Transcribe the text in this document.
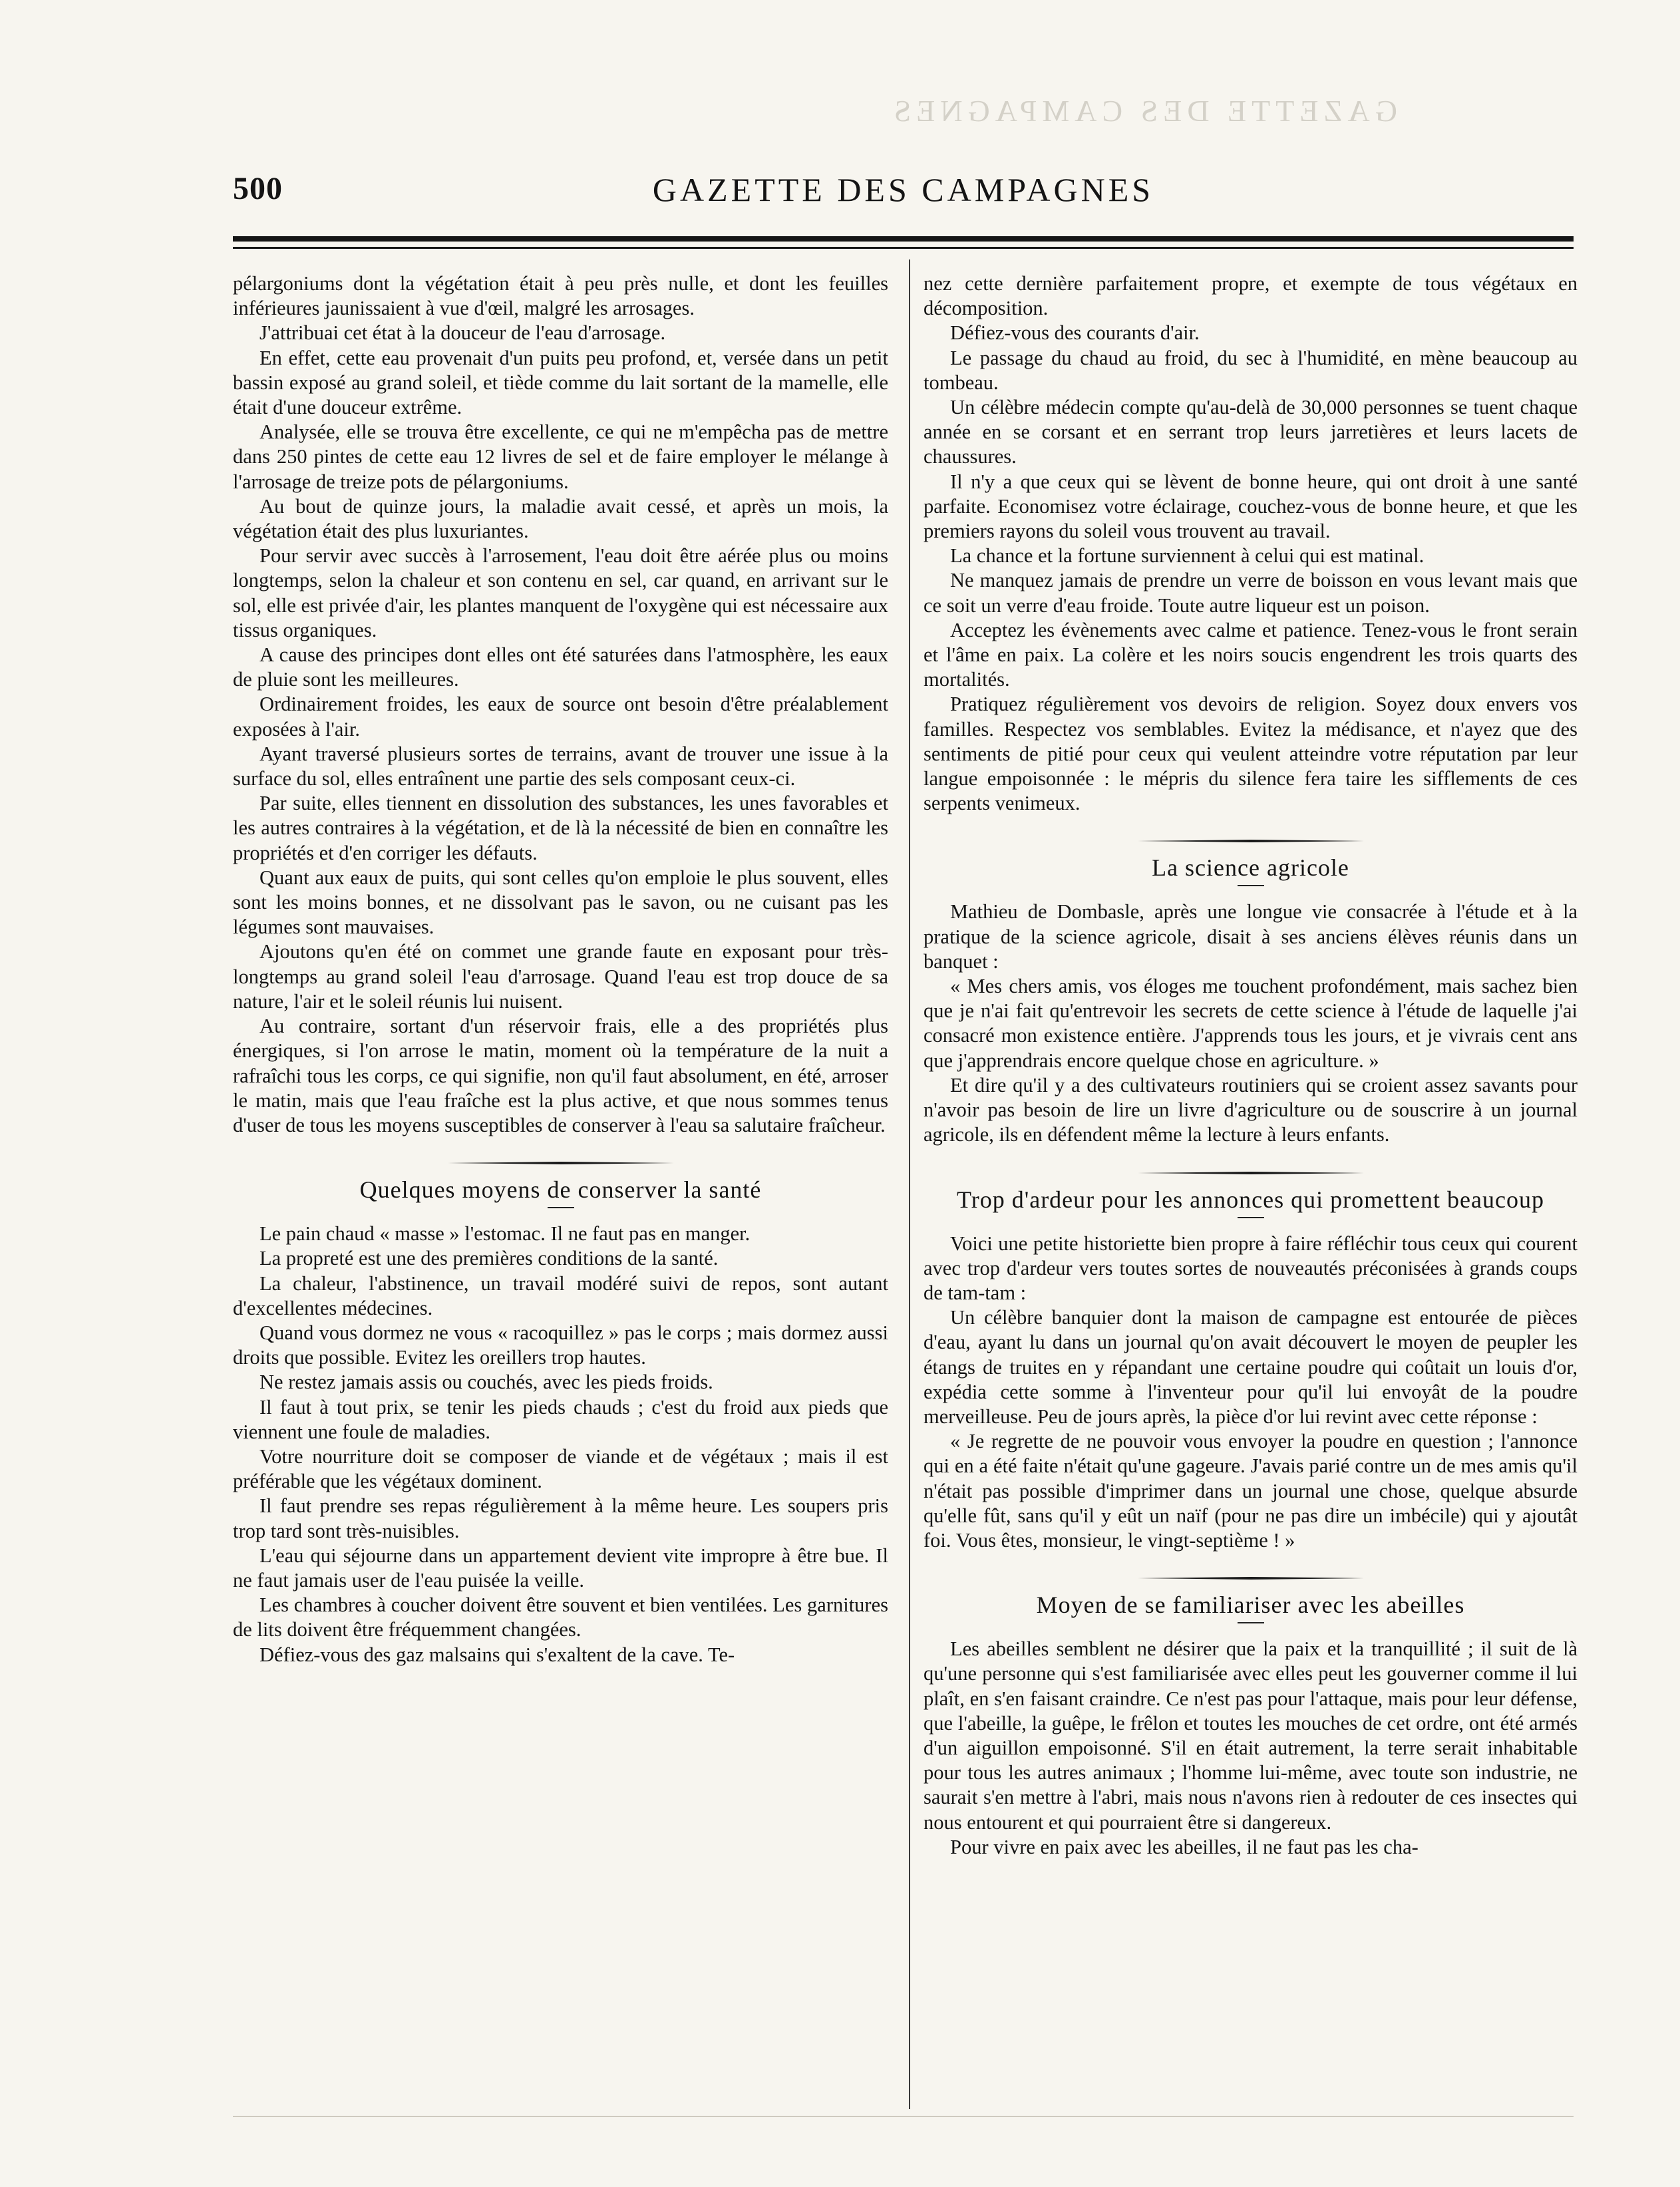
GAZETTE DES CAMPAGNES
500	GAZETTE DES CAMPAGNES

pélargoniums dont la végétation était à peu près nulle, et dont les feuilles inférieures jaunissaient à vue d'œil, malgré les arrosages.

J'attribuai cet état à la douceur de l'eau d'arrosage.

En effet, cette eau provenait d'un puits peu profond, et, versée dans un petit bassin exposé au grand soleil, et tiède comme du lait sortant de la mamelle, elle était d'une douceur extrême.

Analysée, elle se trouva être excellente, ce qui ne m'empêcha pas de mettre dans 250 pintes de cette eau 12 livres de sel et de faire employer le mélange à l'arrosage de treize pots de pélargoniums.

Au bout de quinze jours, la maladie avait cessé, et après un mois, la végétation était des plus luxuriantes.

Pour servir avec succès à l'arrosement, l'eau doit être aérée plus ou moins longtemps, selon la chaleur et son contenu en sel, car quand, en arrivant sur le sol, elle est privée d'air, les plantes manquent de l'oxygène qui est nécessaire aux tissus organiques.

A cause des principes dont elles ont été saturées dans l'atmosphère, les eaux de pluie sont les meilleures.

Ordinairement froides, les eaux de source ont besoin d'être préalablement exposées à l'air.

Ayant traversé plusieurs sortes de terrains, avant de trouver une issue à la surface du sol, elles entraînent une partie des sels composant ceux-ci.

Par suite, elles tiennent en dissolution des substances, les unes favorables et les autres contraires à la végétation, et de là la nécessité de bien en connaître les propriétés et d'en corriger les défauts.

Quant aux eaux de puits, qui sont celles qu'on emploie le plus souvent, elles sont les moins bonnes, et ne dissolvant pas le savon, ou ne cuisant pas les légumes sont mauvaises.

Ajoutons qu'en été on commet une grande faute en exposant pour très-longtemps au grand soleil l'eau d'arrosage. Quand l'eau est trop douce de sa nature, l'air et le soleil réunis lui nuisent.

Au contraire, sortant d'un réservoir frais, elle a des propriétés plus énergiques, si l'on arrose le matin, moment où la température de la nuit a rafraîchi tous les corps, ce qui signifie, non qu'il faut absolument, en été, arroser le matin, mais que l'eau fraîche est la plus active, et que nous sommes tenus d'user de tous les moyens susceptibles de conserver à l'eau sa salutaire fraîcheur.

Quelques moyens de conserver la santé

Le pain chaud « masse » l'estomac. Il ne faut pas en manger.

La propreté est une des premières conditions de la santé.

La chaleur, l'abstinence, un travail modéré suivi de repos, sont autant d'excellentes médecines.

Quand vous dormez ne vous « racoquillez » pas le corps ; mais dormez aussi droits que possible. Evitez les oreillers trop hautes.

Ne restez jamais assis ou couchés, avec les pieds froids.

Il faut à tout prix, se tenir les pieds chauds ; c'est du froid aux pieds que viennent une foule de maladies.

Votre nourriture doit se composer de viande et de végétaux ; mais il est préférable que les végétaux dominent.

Il faut prendre ses repas régulièrement à la même heure. Les soupers pris trop tard sont très-nuisibles.

L'eau qui séjourne dans un appartement devient vite impropre à être bue. Il ne faut jamais user de l'eau puisée la veille.

Les chambres à coucher doivent être souvent et bien ventilées. Les garnitures de lits doivent être fréquemment changées.

Défiez-vous des gaz malsains qui s'exaltent de la cave. Te-

nez cette dernière parfaitement propre, et exempte de tous végétaux en décomposition.

Défiez-vous des courants d'air.

Le passage du chaud au froid, du sec à l'humidité, en mène beaucoup au tombeau.

Un célèbre médecin compte qu'au-delà de 30,000 personnes se tuent chaque année en se corsant et en serrant trop leurs jarretières et leurs lacets de chaussures.

Il n'y a que ceux qui se lèvent de bonne heure, qui ont droit à une santé parfaite. Economisez votre éclairage, couchez-vous de bonne heure, et que les premiers rayons du soleil vous trouvent au travail.

La chance et la fortune surviennent à celui qui est matinal.

Ne manquez jamais de prendre un verre de boisson en vous levant mais que ce soit un verre d'eau froide. Toute autre liqueur est un poison.

Acceptez les évènements avec calme et patience. Tenez-vous le front serain et l'âme en paix. La colère et les noirs soucis engendrent les trois quarts des mortalités.

Pratiquez régulièrement vos devoirs de religion. Soyez doux envers vos familles. Respectez vos semblables. Evitez la médisance, et n'ayez que des sentiments de pitié pour ceux qui veulent atteindre votre réputation par leur langue empoisonnée : le mépris du silence fera taire les sifflements de ces serpents venimeux.

La science agricole

Mathieu de Dombasle, après une longue vie consacrée à l'étude et à la pratique de la science agricole, disait à ses anciens élèves réunis dans un banquet :

« Mes chers amis, vos éloges me touchent profondément, mais sachez bien que je n'ai fait qu'entrevoir les secrets de cette science à l'étude de laquelle j'ai consacré mon existence entière. J'apprends tous les jours, et je vivrais cent ans que j'apprendrais encore quelque chose en agriculture. »

Et dire qu'il y a des cultivateurs routiniers qui se croient assez savants pour n'avoir pas besoin de lire un livre d'agriculture ou de souscrire à un journal agricole, ils en défendent même la lecture à leurs enfants.

Trop d'ardeur pour les annonces qui promettent beaucoup

Voici une petite historiette bien propre à faire réfléchir tous ceux qui courent avec trop d'ardeur vers toutes sortes de nouveautés préconisées à grands coups de tam-tam :

Un célèbre banquier dont la maison de campagne est entourée de pièces d'eau, ayant lu dans un journal qu'on avait découvert le moyen de peupler les étangs de truites en y répandant une certaine poudre qui coûtait un louis d'or, expédia cette somme à l'inventeur pour qu'il lui envoyât de la poudre merveilleuse. Peu de jours après, la pièce d'or lui revint avec cette réponse :

« Je regrette de ne pouvoir vous envoyer la poudre en question ; l'annonce qui en a été faite n'était qu'une gageure. J'avais parié contre un de mes amis qu'il n'était pas possible d'imprimer dans un journal une chose, quelque absurde qu'elle fût, sans qu'il y eût un naïf (pour ne pas dire un imbécile) qui y ajoutât foi. Vous êtes, monsieur, le vingt-septième ! »

Moyen de se familiariser avec les abeilles

Les abeilles semblent ne désirer que la paix et la tranquillité ; il suit de là qu'une personne qui s'est familiarisée avec elles peut les gouverner comme il lui plaît, en s'en faisant craindre. Ce n'est pas pour l'attaque, mais pour leur défense, que l'abeille, la guêpe, le frêlon et toutes les mouches de cet ordre, ont été armés d'un aiguillon empoisonné. S'il en était autrement, la terre serait inhabitable pour tous les autres animaux ; l'homme lui-même, avec toute son industrie, ne saurait s'en mettre à l'abri, mais nous n'avons rien à redouter de ces insectes qui nous entourent et qui pourraient être si dangereux.

Pour vivre en paix avec les abeilles, il ne faut pas les cha-
